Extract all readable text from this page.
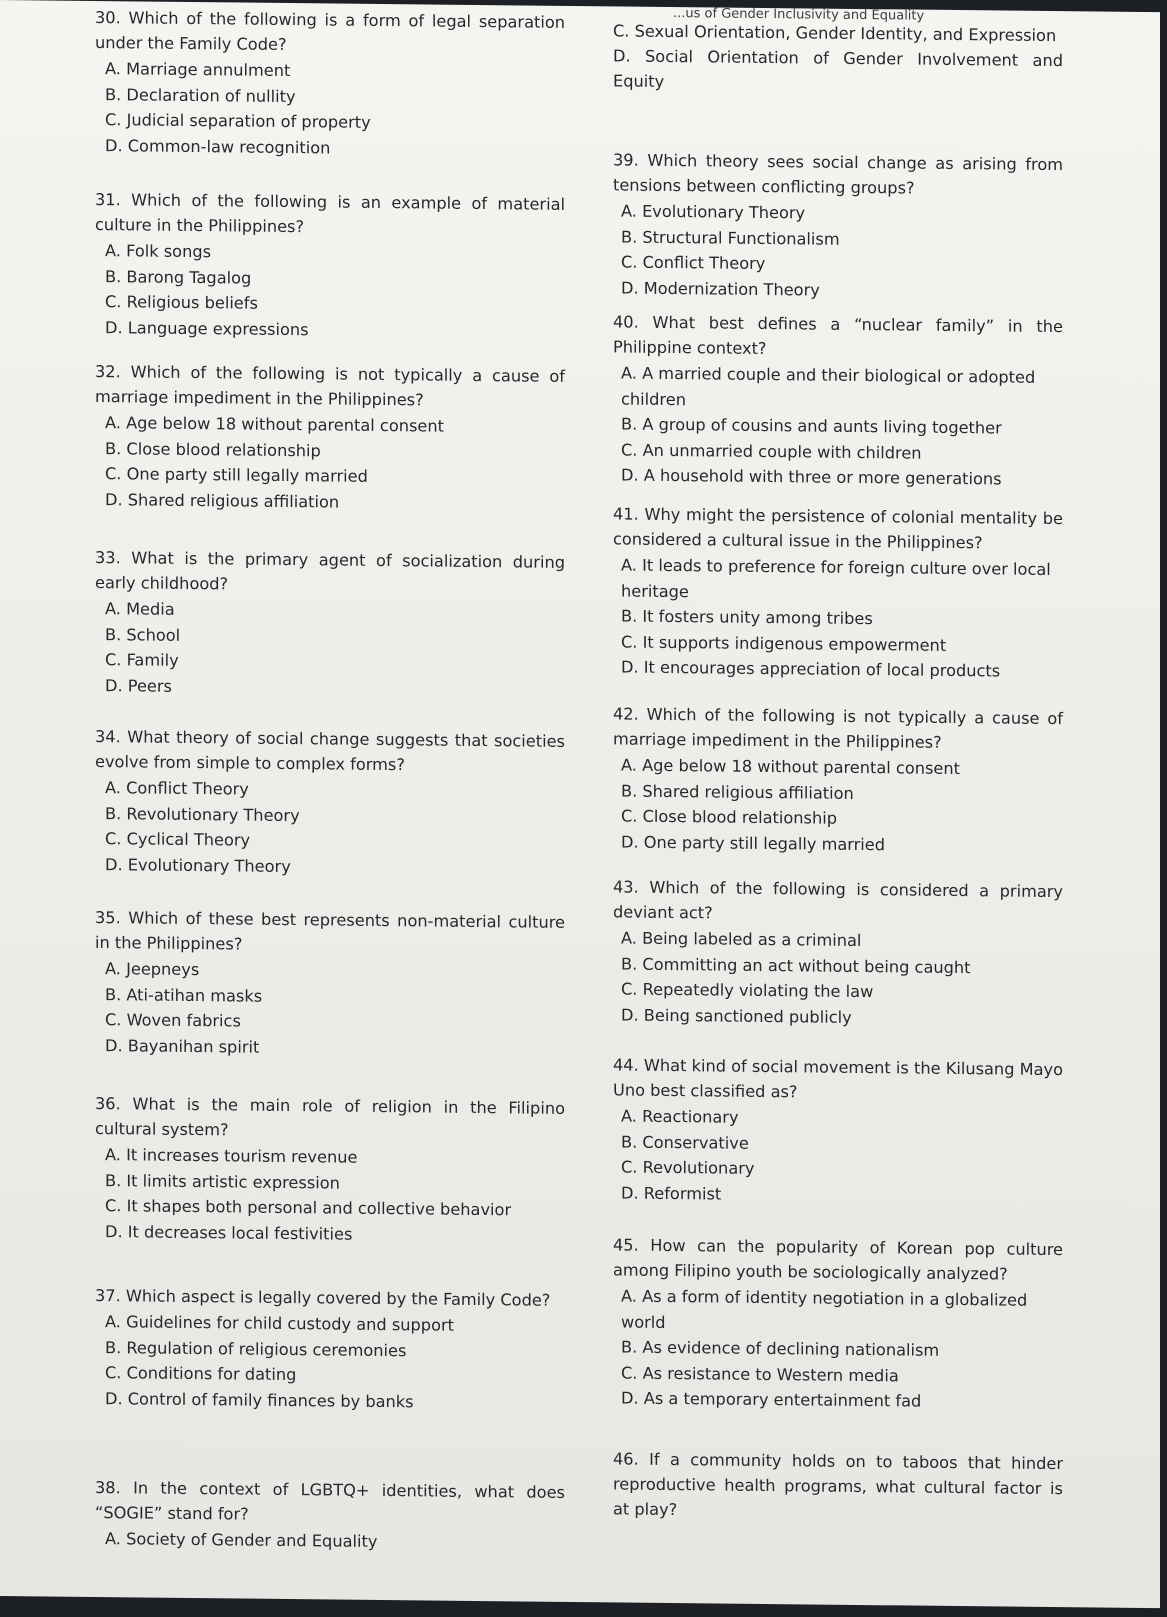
30. Which of the following is a form of legal separation under the Family Code?
A. Marriage annulment
B. Declaration of nullity
C. Judicial separation of property
D. Common-law recognition
31. Which of the following is an example of material culture in the Philippines?
A. Folk songs
B. Barong Tagalog
C. Religious beliefs
D. Language expressions
32. Which of the following is not typically a cause of marriage impediment in the Philippines?
A. Age below 18 without parental consent
B. Close blood relationship
C. One party still legally married
D. Shared religious affiliation
33. What is the primary agent of socialization during early childhood?
A. Media
B. School
C. Family
D. Peers
34. What theory of social change suggests that societies evolve from simple to complex forms?
A. Conflict Theory
B. Revolutionary Theory
C. Cyclical Theory
D. Evolutionary Theory
35. Which of these best represents non-material culture in the Philippines?
A. Jeepneys
B. Ati-atihan masks
C. Woven fabrics
D. Bayanihan spirit
36. What is the main role of religion in the Filipino cultural system?
A. It increases tourism revenue
B. It limits artistic expression
C. It shapes both personal and collective behavior
D. It decreases local festivities
37. Which aspect is legally covered by the Family Code?
A. Guidelines for child custody and support
B. Regulation of religious ceremonies
C. Conditions for dating
D. Control of family finances by banks
38. In the context of LGBTQ+ identities, what does “SOGIE” stand for?
A. Society of Gender and Equality
...us of Gender Inclusivity and Equality
C. Sexual Orientation, Gender Identity, and Expression
D. Social Orientation of Gender Involvement and Equity
39. Which theory sees social change as arising from tensions between conflicting groups?
A. Evolutionary Theory
B. Structural Functionalism
C. Conflict Theory
D. Modernization Theory
40. What best defines a “nuclear family” in the Philippine context?
A. A married couple and their biological or adopted children
B. A group of cousins and aunts living together
C. An unmarried couple with children
D. A household with three or more generations
41. Why might the persistence of colonial mentality be considered a cultural issue in the Philippines?
A. It leads to preference for foreign culture over local heritage
B. It fosters unity among tribes
C. It supports indigenous empowerment
D. It encourages appreciation of local products
42. Which of the following is not typically a cause of marriage impediment in the Philippines?
A. Age below 18 without parental consent
B. Shared religious affiliation
C. Close blood relationship
D. One party still legally married
43. Which of the following is considered a primary deviant act?
A. Being labeled as a criminal
B. Committing an act without being caught
C. Repeatedly violating the law
D. Being sanctioned publicly
44. What kind of social movement is the Kilusang Mayo Uno best classified as?
A. Reactionary
B. Conservative
C. Revolutionary
D. Reformist
45. How can the popularity of Korean pop culture among Filipino youth be sociologically analyzed?
A. As a form of identity negotiation in a globalized world
B. As evidence of declining nationalism
C. As resistance to Western media
D. As a temporary entertainment fad
46. If a community holds on to taboos that hinder reproductive health programs, what cultural factor is at play?
